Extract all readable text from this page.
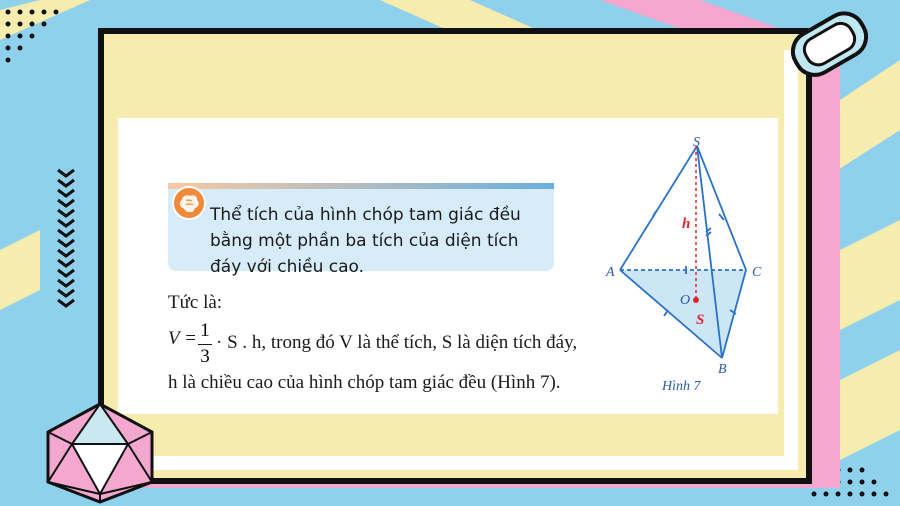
Thể tích của hình chóp tam giác đều bằng một phần ba tích của diện tích đáy với chiều cao.
Tức là:
V = 1
3
· S . h, trong đó V là thể tích, S là diện tích đáy,
h là chiều cao của hình chóp tam giác đều (Hình 7).
S
A	C
B
O
h
S
Hình 7
